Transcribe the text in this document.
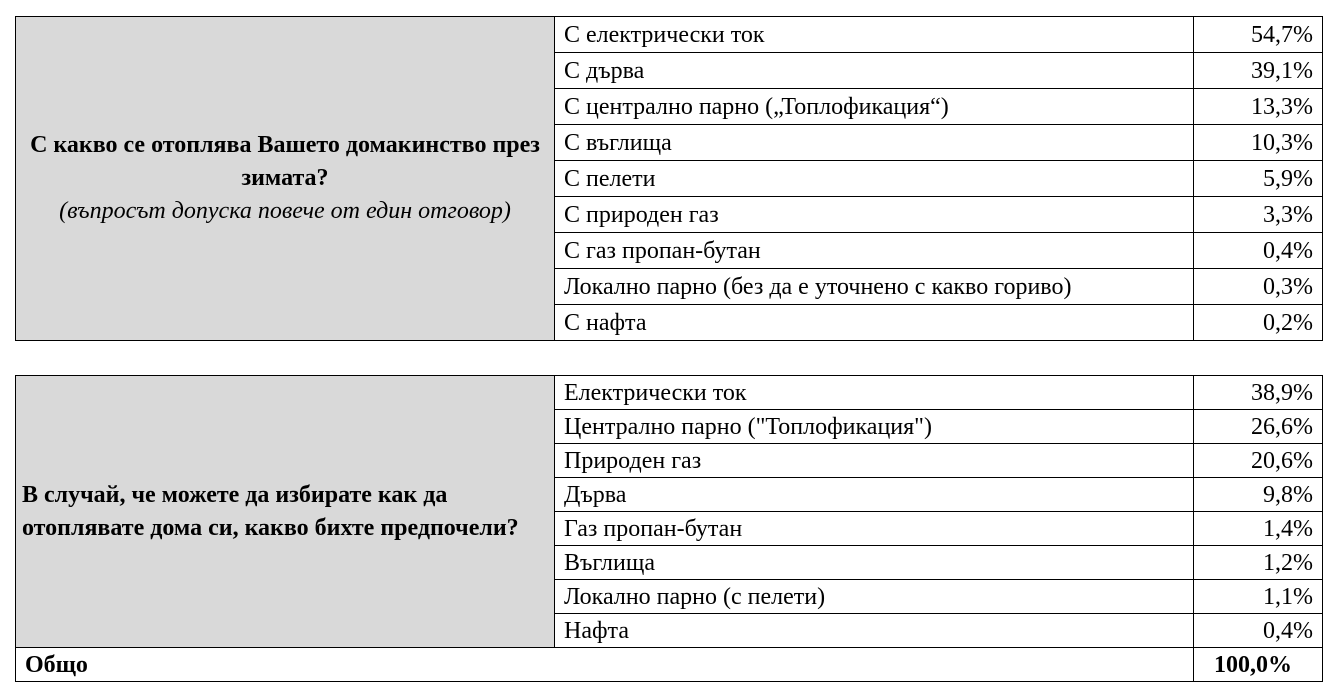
С какво се отоплява Вашето домакинство през зимата?
(въпросът допуска повече от един отговор)	С електрически ток	54,7%
	С дърва	39,1%
	С централно парно („Топлофикация“)	13,3%
	С въглища	10,3%
	С пелети	5,9%
	С природен газ	3,3%
	С газ пропан-бутан	0,4%
	Локално парно (без да е уточнено с какво гориво)	0,3%
	С нафта	0,2%
В случай, че можете да избирате как да отоплявате дома си, какво бихте предпочели?	Електрически ток	38,9%
	Централно парно ("Топлофикация")	26,6%
	Природен газ	20,6%
	Дърва	9,8%
	Газ пропан-бутан	1,4%
	Въглища	1,2%
	Локално парно (с пелети)	1,1%
	Нафта	0,4%
Общо		100,0%
